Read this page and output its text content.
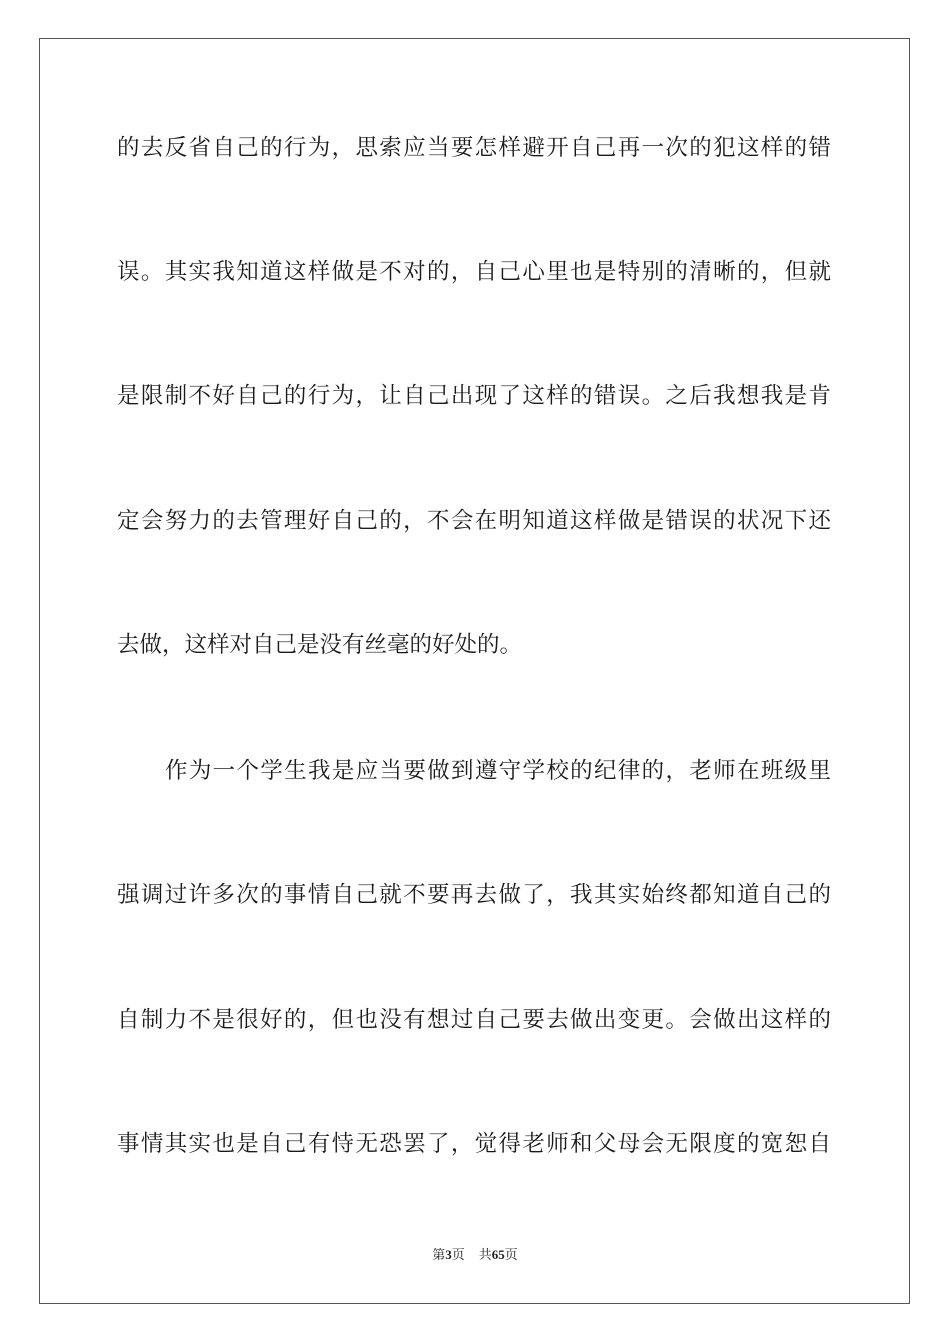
的去反省自己的行为，思索应当要怎样避开自己再一次的犯这样的错
误。其实我知道这样做是不对的，自己心里也是特别的清晰的，但就
是限制不好自己的行为，让自己出现了这样的错误。之后我想我是肯
定会努力的去管理好自己的，不会在明知道这样做是错误的状况下还
去做，这样对自己是没有丝毫的好处的。
作为一个学生我是应当要做到遵守学校的纪律的，老师在班级里
强调过许多次的事情自己就不要再去做了，我其实始终都知道自己的
自制力不是很好的，但也没有想过自己要去做出变更。会做出这样的
事情其实也是自己有恃无恐罢了，觉得老师和父母会无限度的宽恕自
第3页 共65页
